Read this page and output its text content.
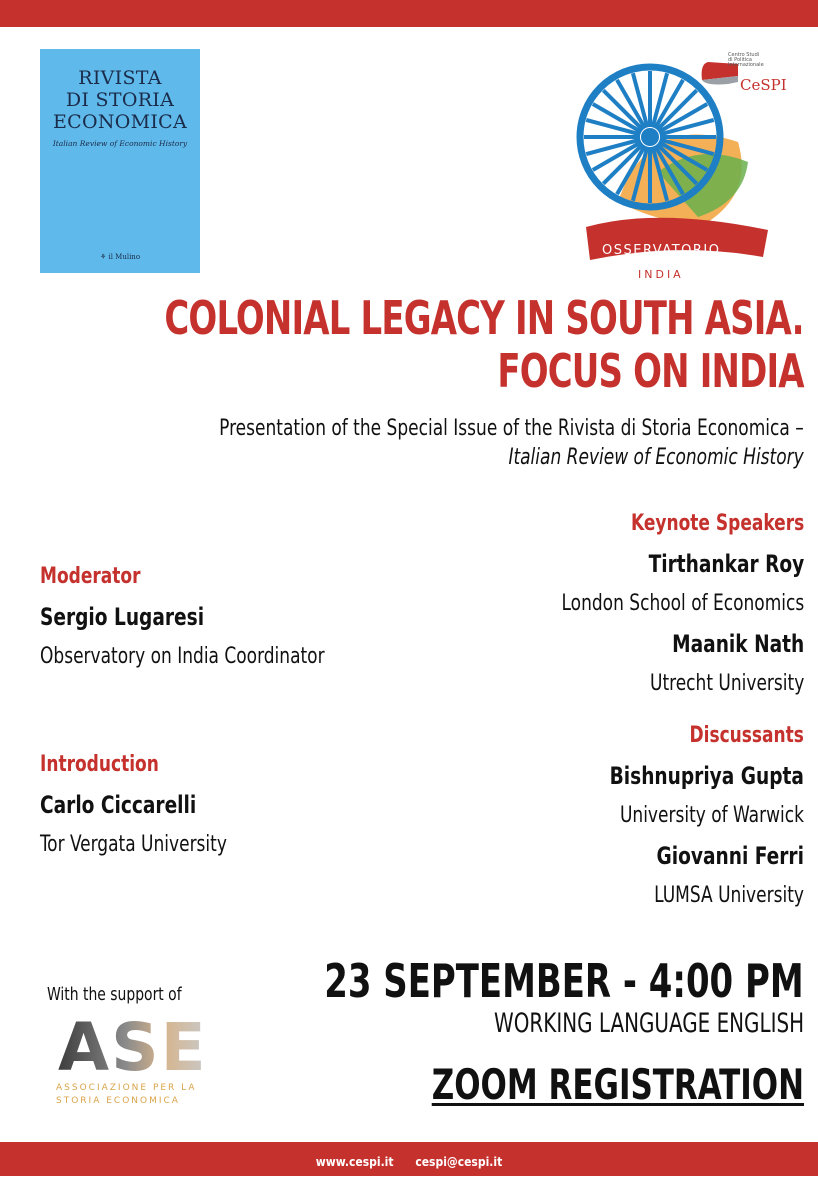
RIVISTA
DI STORIA
ECONOMICA
Italian Review of Economic History
⚘ il Mulino
Centro Studi
di Politica
Internazionale
CeSPI
OSSERVATORIO
INDIA
COLONIAL LEGACY IN SOUTH ASIA.
FOCUS ON INDIA
Presentation of the Special Issue of the Rivista di Storia Economica –
Italian Review of Economic History
Moderator
Sergio Lugaresi
Observatory on India Coordinator
Introduction
Carlo Ciccarelli
Tor Vergata University
Keynote Speakers
Tirthankar Roy
London School of Economics
Maanik Nath
Utrecht University
Discussants
Bishnupriya Gupta
University of Warwick
Giovanni Ferri
LUMSA University
With the support of
ASE
ASSOCIAZIONE PER LA
STORIA ECONOMICA
23 SEPTEMBER - 4:00 PM
WORKING LANGUAGE ENGLISH
ZOOM REGISTRATION
www.cespi.it cespi@cespi.it
